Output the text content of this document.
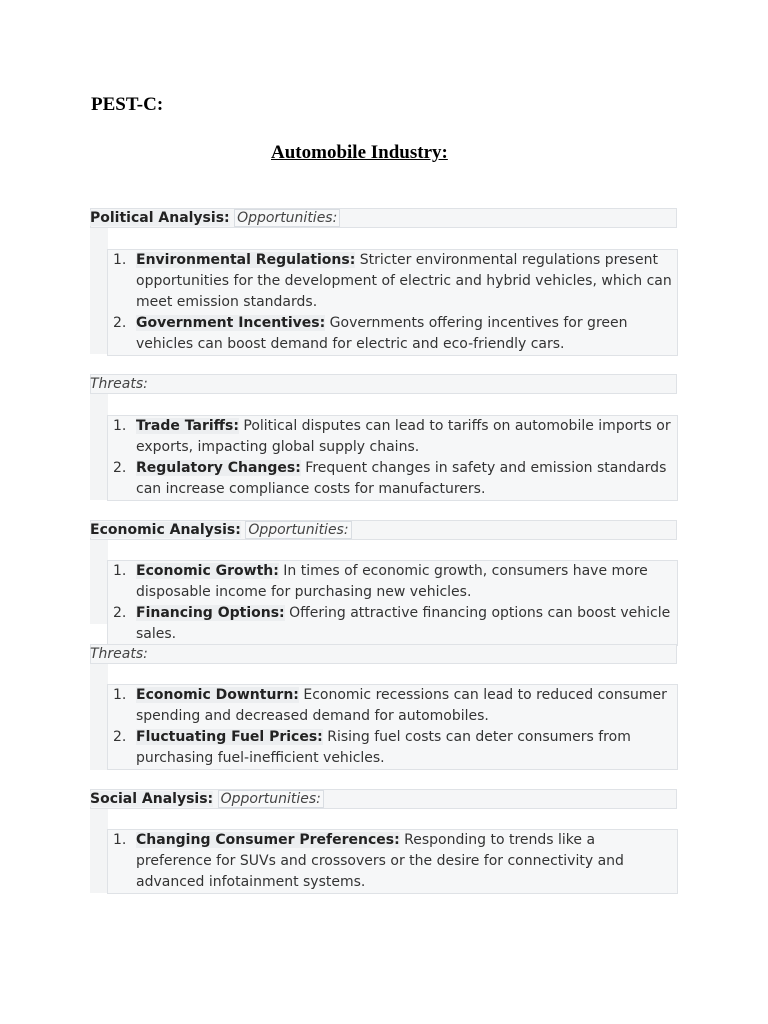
PEST-C:
Automobile Industry:
Political Analysis: Opportunities:
1. Environmental Regulations: Stricter environmental regulations present opportunities for the development of electric and hybrid vehicles, which can meet emission standards.
2. Government Incentives: Governments offering incentives for green vehicles can boost demand for electric and eco-friendly cars.
Threats:
1. Trade Tariffs: Political disputes can lead to tariffs on automobile imports or exports, impacting global supply chains.
2. Regulatory Changes: Frequent changes in safety and emission standards can increase compliance costs for manufacturers.
Economic Analysis: Opportunities:
1. Economic Growth: In times of economic growth, consumers have more disposable income for purchasing new vehicles.
2. Financing Options: Offering attractive financing options can boost vehicle sales.
Threats:
1. Economic Downturn: Economic recessions can lead to reduced consumer spending and decreased demand for automobiles.
2. Fluctuating Fuel Prices: Rising fuel costs can deter consumers from purchasing fuel-inefficient vehicles.
Social Analysis: Opportunities:
1. Changing Consumer Preferences: Responding to trends like a preference for SUVs and crossovers or the desire for connectivity and advanced infotainment systems.
